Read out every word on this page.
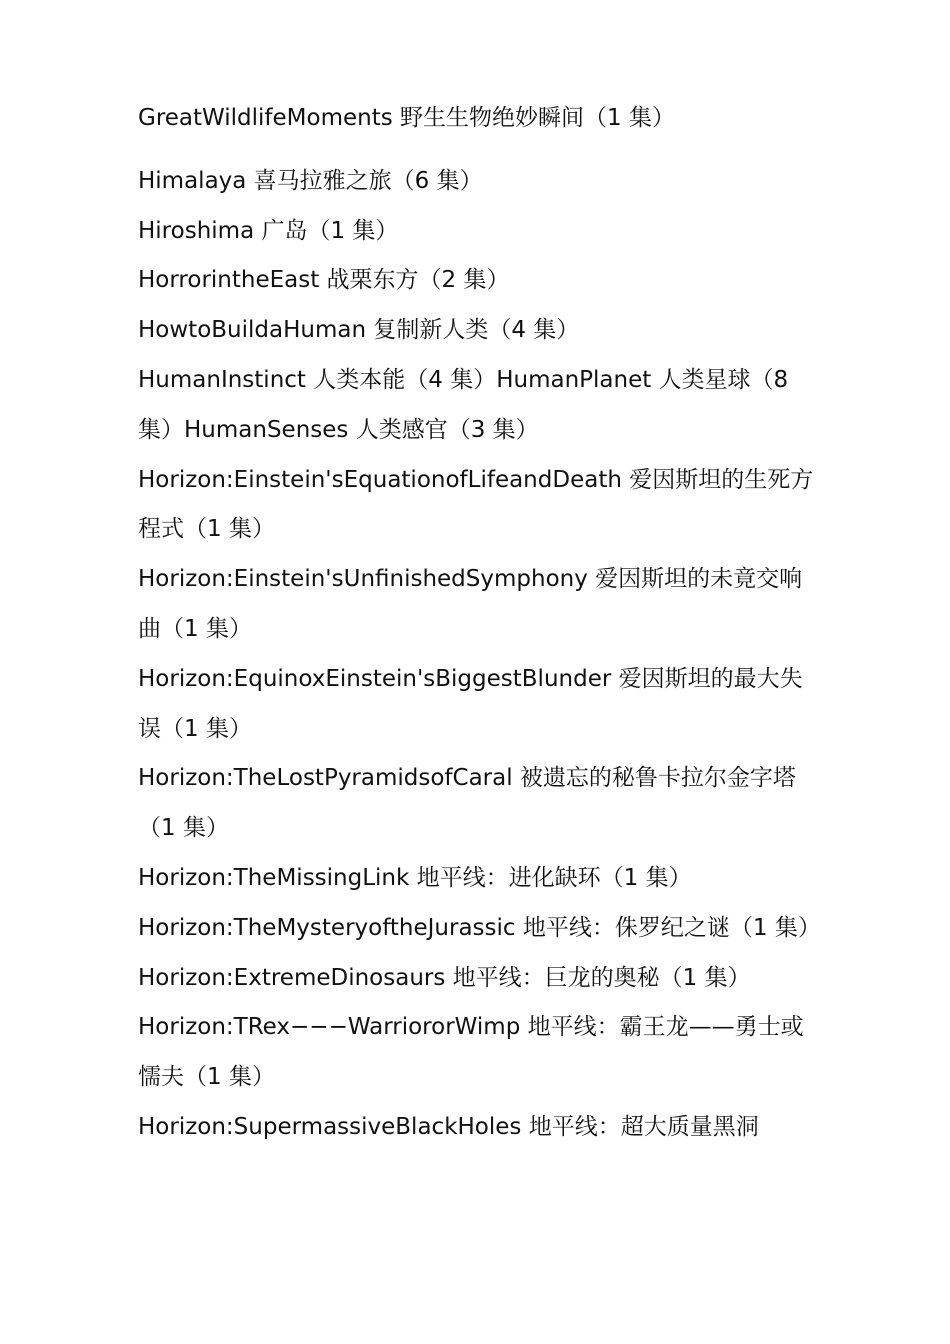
GreatWildlifeMoments 野生生物绝妙瞬间（1 集）

Himalaya 喜马拉雅之旅（6 集）

Hiroshima 广岛（1 集）

HorrorintheEast 战栗东方（2 集）

HowtoBuildaHuman 复制新人类（4 集）

HumanInstinct 人类本能（4 集）HumanPlanet 人类星球（8 集）HumanSenses 人类感官（3 集）

Horizon:Einstein'sEquationofLifeandDeath 爱因斯坦的生死方程式（1 集）

Horizon:Einstein'sUnfinishedSymphony 爱因斯坦的未竟交响曲（1 集）

Horizon:EquinoxEinstein'sBiggestBlunder 爱因斯坦的最大失误（1 集）

Horizon:TheLostPyramidsofCaral 被遗忘的秘鲁卡拉尔金字塔（1 集）

Horizon:TheMissingLink 地平线：进化缺环（1 集）

Horizon:TheMysteryoftheJurassic 地平线：侏罗纪之谜（1 集）

Horizon:ExtremeDinosaurs 地平线：巨龙的奥秘（1 集）

Horizon:TRex−−−WarriororWimp 地平线：霸王龙——勇士或懦夫（1 集）

Horizon:SupermassiveBlackHoles 地平线：超大质量黑洞
